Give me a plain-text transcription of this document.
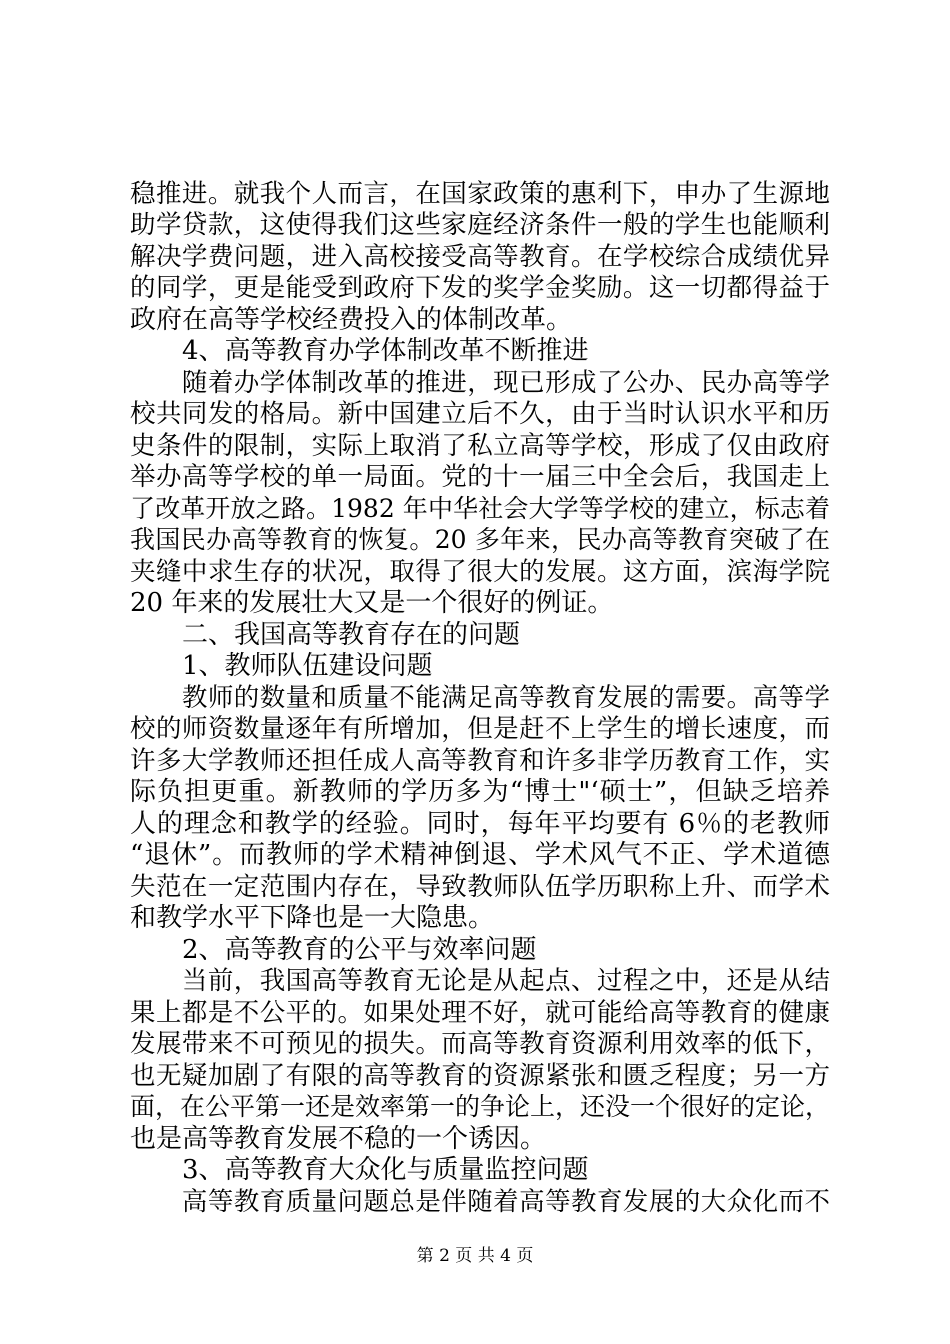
稳推进。就我个人而言，在国家政策的惠利下，申办了生源地
助学贷款，这使得我们这些家庭经济条件一般的学生也能顺利
解决学费问题，进入高校接受高等教育。在学校综合成绩优异
的同学，更是能受到政府下发的奖学金奖励。这一切都得益于
政府在高等学校经费投入的体制改革。
　　4、高等教育办学体制改革不断推进
　　随着办学体制改革的推进，现已形成了公办、民办高等学
校共同发的格局。新中国建立后不久，由于当时认识水平和历
史条件的限制，实际上取消了私立高等学校，形成了仅由政府
举办高等学校的单一局面。党的十一届三中全会后，我国走上
了改革开放之路。1982 年中华社会大学等学校的建立，标志着
我国民办高等教育的恢复。20 多年来，民办高等教育突破了在
夹缝中求生存的状况，取得了很大的发展。这方面，滨海学院
20 年来的发展壮大又是一个很好的例证。
　　二、我国高等教育存在的问题
　　1、教师队伍建设问题
　　教师的数量和质量不能满足高等教育发展的需要。高等学
校的师资数量逐年有所增加，但是赶不上学生的增长速度，而
许多大学教师还担任成人高等教育和许多非学历教育工作，实
际负担更重。新教师的学历多为“博士"‘硕士”，但缺乏培养
人的理念和教学的经验。同时，每年平均要有 6％的老教师
“退休”。而教师的学术精神倒退、学术风气不正、学术道德
失范在一定范围内存在，导致教师队伍学历职称上升、而学术
和教学水平下降也是一大隐患。
　　2、高等教育的公平与效率问题
　　当前，我国高等教育无论是从起点、过程之中，还是从结
果上都是不公平的。如果处理不好，就可能给高等教育的健康
发展带来不可预见的损失。而高等教育资源利用效率的低下，
也无疑加剧了有限的高等教育的资源紧张和匮乏程度；另一方
面，在公平第一还是效率第一的争论上，还没一个很好的定论，
也是高等教育发展不稳的一个诱因。
　　3、高等教育大众化与质量监控问题
　　高等教育质量问题总是伴随着高等教育发展的大众化而不
第 2 页 共 4 页
